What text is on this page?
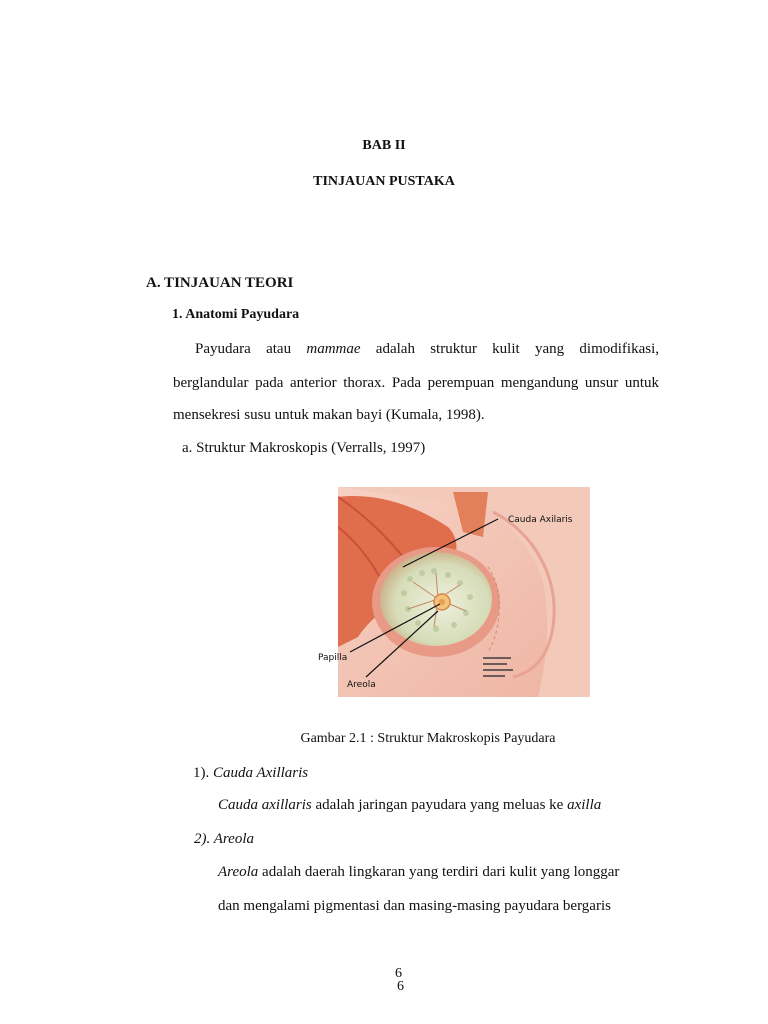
BAB II
TINJAUAN PUSTAKA
A. TINJAUAN TEORI
1. Anatomi Payudara
Payudara atau mammae adalah struktur kulit yang dimodifikasi,
berglandular pada anterior thorax. Pada perempuan mengandung unsur untuk
mensekresi susu untuk makan bayi (Kumala, 1998).
a. Struktur Makroskopis (Verralls, 1997)
Cauda Axilaris
Papilla
Areola
Gambar 2.1 : Struktur Makroskopis Payudara
1). Cauda Axillaris
Cauda axillaris adalah jaringan payudara yang meluas ke axilla
2). Areola
Areola adalah daerah lingkaran yang terdiri dari kulit yang longgar
dan mengalami pigmentasi dan masing-masing payudara bergaris
6
6
